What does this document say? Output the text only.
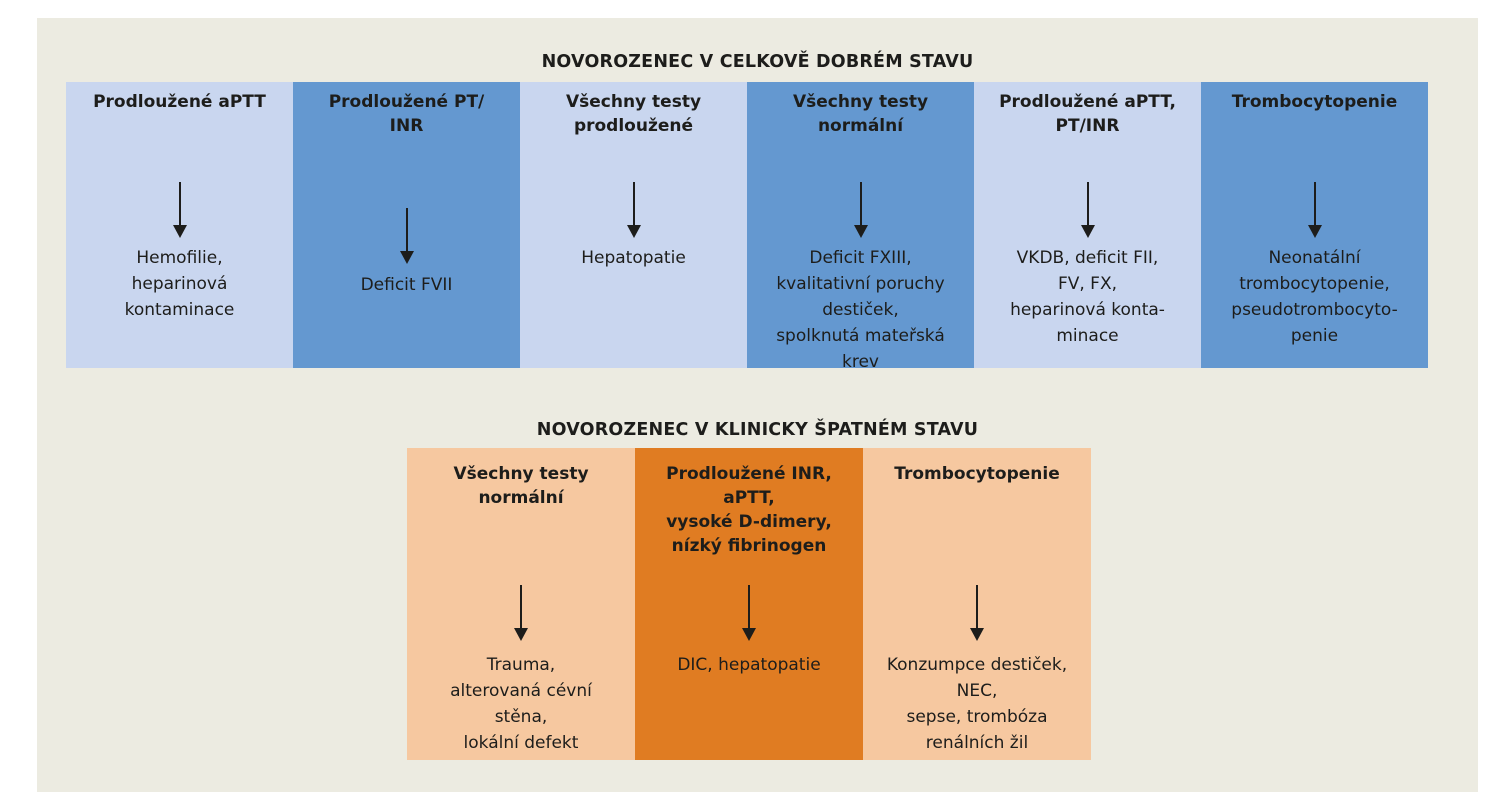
NOVOROZENEC V CELKOVĚ DOBRÉM STAVU
Prodloužené aPTT
Hemofilie,
heparinová
kontaminace
Prodloužené PT/
INR
Deficit FVII
Všechny testy
prodloužené
Hepatopatie
Všechny testy
normální
Deficit FXIII,
kvalitativní poruchy
destiček,
spolknutá mateřská
krev
Prodloužené aPTT,
PT/INR
VKDB, deficit FII,
FV, FX,
heparinová konta-
minace
Trombocytopenie
Neonatální
trombocytopenie,
pseudotrombocyto-
penie
NOVOROZENEC V KLINICKY ŠPATNÉM STAVU
Všechny testy
normální
Trauma,
alterovaná cévní
stěna,
lokální defekt
Prodloužené INR,
aPTT,
vysoké D-dimery,
nízký fibrinogen
DIC, hepatopatie
Trombocytopenie
Konzumpce destiček,
NEC,
sepse, trombóza
renálních žil
